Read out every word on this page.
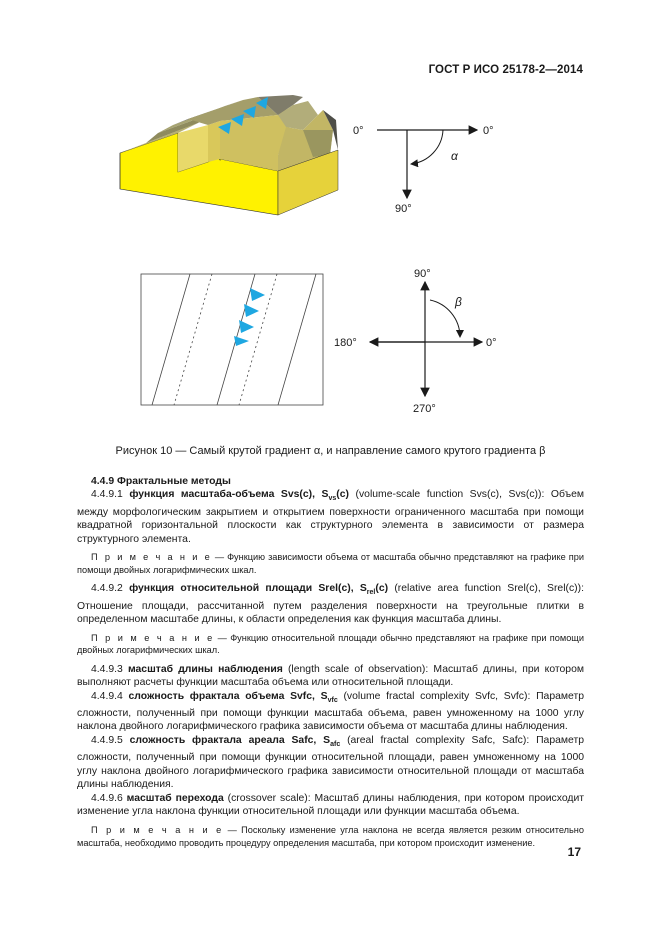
ГОСТ Р ИСО 25178-2—2014
0°	0°
90°
α
90°
180°	0°
270°
β
Рисунок 10 — Самый крутой градиент α, и направление самого крутого градиента β

4.4.9 Фрактальные методы

4.4.9.1 функция масштаба-объема Svs(c), $S_{vs}(с)$ (volume-scale function Svs(c), Svs(c)): Объем между морфологическим закрытием и открытием поверхности ограниченного масштаба при помощи квадратной горизонтальной плоскости как структурного элемента в зависимости от размера структурного элемента.

П р и м е ч а н и е — Функцию зависимости объема от масштаба обычно представляют на графике при помощи двойных логарифмических шкал.

4.4.9.2 функция относительной площади Srel(c), $S_{rel}(c)$ (relative area function Srel(c), Srel(c)): Отношение площади, рассчитанной путем разделения поверхности на треугольные плитки в определенном масштабе длины, к области определения как функция масштаба длины.

П р и м е ч а н и е — Функцию относительной площади обычно представляют на графике при помощи двойных логарифмических шкал.

4.4.9.3 масштаб длины наблюдения (length scale of observation): Масштаб длины, при котором выполняют расчеты функции масштаба объема или относительной площади.

4.4.9.4 сложность фрактала объема Svfc, $S_{vfc}$ (volume fractal complexity Svfc, Svfc): Параметр сложности, полученный при помощи функции масштаба объема, равен умноженному на 1000 углу наклона двойного логарифмического графика зависимости объема от масштаба длины наблюдения.

4.4.9.5 сложность фрактала ареала Safc, $S_{afc}$ (areal fractal complexity Safc, Safc): Параметр сложности, полученный при помощи функции относительной площади, равен умноженному на 1000 углу наклона двойного логарифмического графика зависимости относительной площади от масштаба длины наблюдения.

4.4.9.6 масштаб перехода (crossover scale): Масштаб длины наблюдения, при котором происходит изменение угла наклона функции относительной площади или функции масштаба объема.

П р и м е ч а н и е — Поскольку изменение угла наклона не всегда является резким относительно масштаба, необходимо проводить процедуру определения масштаба, при котором происходит изменение.

17
